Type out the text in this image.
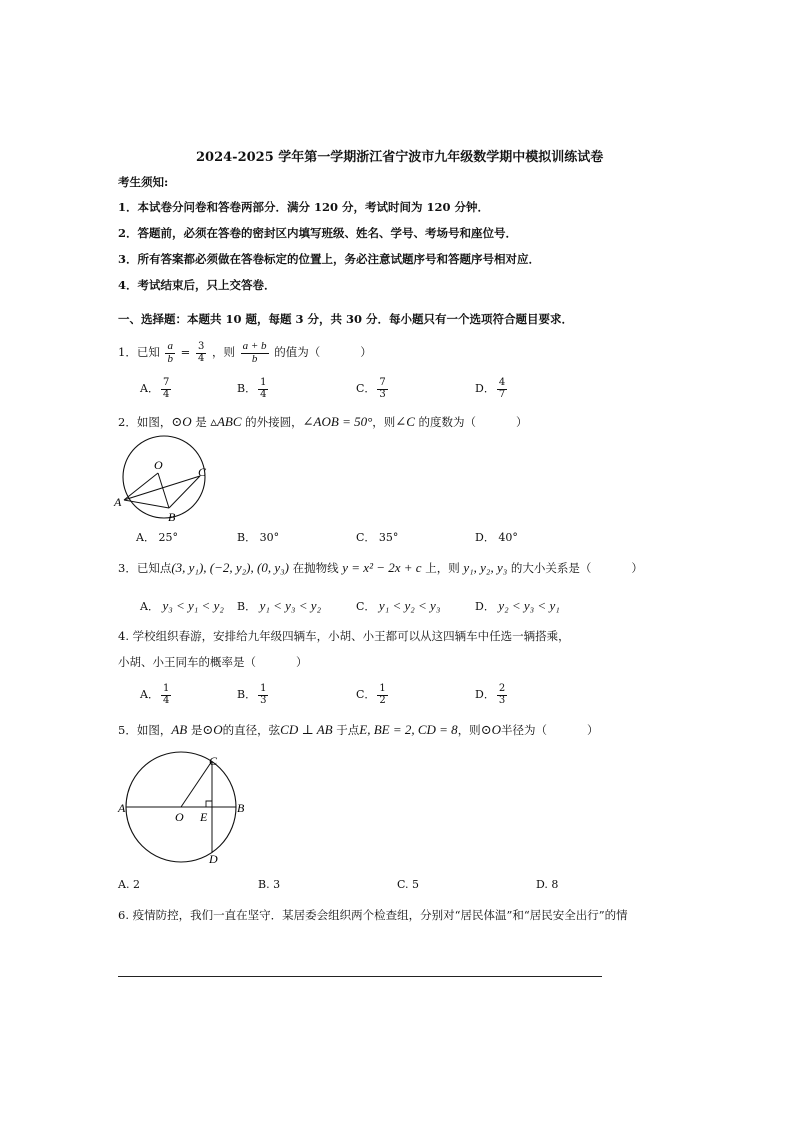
2024-2025 学年第一学期浙江省宁波市九年级数学期中模拟训练试卷
考生须知:
1．本试卷分问卷和答卷两部分．满分 120 分，考试时间为 120 分钟．
2．答题前，必须在答卷的密封区内填写班级、姓名、学号、考场号和座位号．
3．所有答案都必须做在答卷标定的位置上，务必注意试题序号和答题序号相对应．
4．考试结束后，只上交答卷．
一、选择题：本题共 10 题，每题 3 分，共 30 分．每小题只有一个选项符合题目要求．
1．已知 $\frac{a}{b} = \frac{3}{4}$ ，则 $\frac{a + b}{b}$ 的值为（	）
A． $\frac{7}{4}$	B． $\frac{1}{4}$	C． $\frac{7}{3}$	D． $\frac{4}{7}$
2．如图，⊙O 是 ▵ABC 的外接圆，∠AOB = 50°，则∠C 的度数为（	）
O
A
B
C
A． 25°	B． 30°	C． 35°	D． 40°
3．已知点(3, y₁), (−2, y₂), (0, y₃) 在抛物线 y = x² − 2x + c 上，则 y₁, y₂, y₃ 的大小关系是（	）
A． y₃ < y₁ < y₂ B． y₁ < y₃ < y₂	C． y₁ < y₂ < y₃	D． y₂ < y₃ < y₁
4. 学校组织春游，安排给九年级四辆车，小胡、小王都可以从这四辆车中任选一辆搭乘，
小胡、小王同车的概率是（	）
A． $\frac{1}{4}$	B． $\frac{1}{3}$	C． $\frac{1}{2}$	D． $\frac{2}{3}$
5．如图，AB 是⊙O的直径，弦CD ⊥ AB 于点E, BE = 2, CD = 8，则⊙O半径为（	）
A	B
C
D
O E
A. 2	B. 3	C. 5	D. 8
6. 疫情防控，我们一直在坚守．某居委会组织两个检查组，分别对“居民体温”和“居民安全出行”的情
